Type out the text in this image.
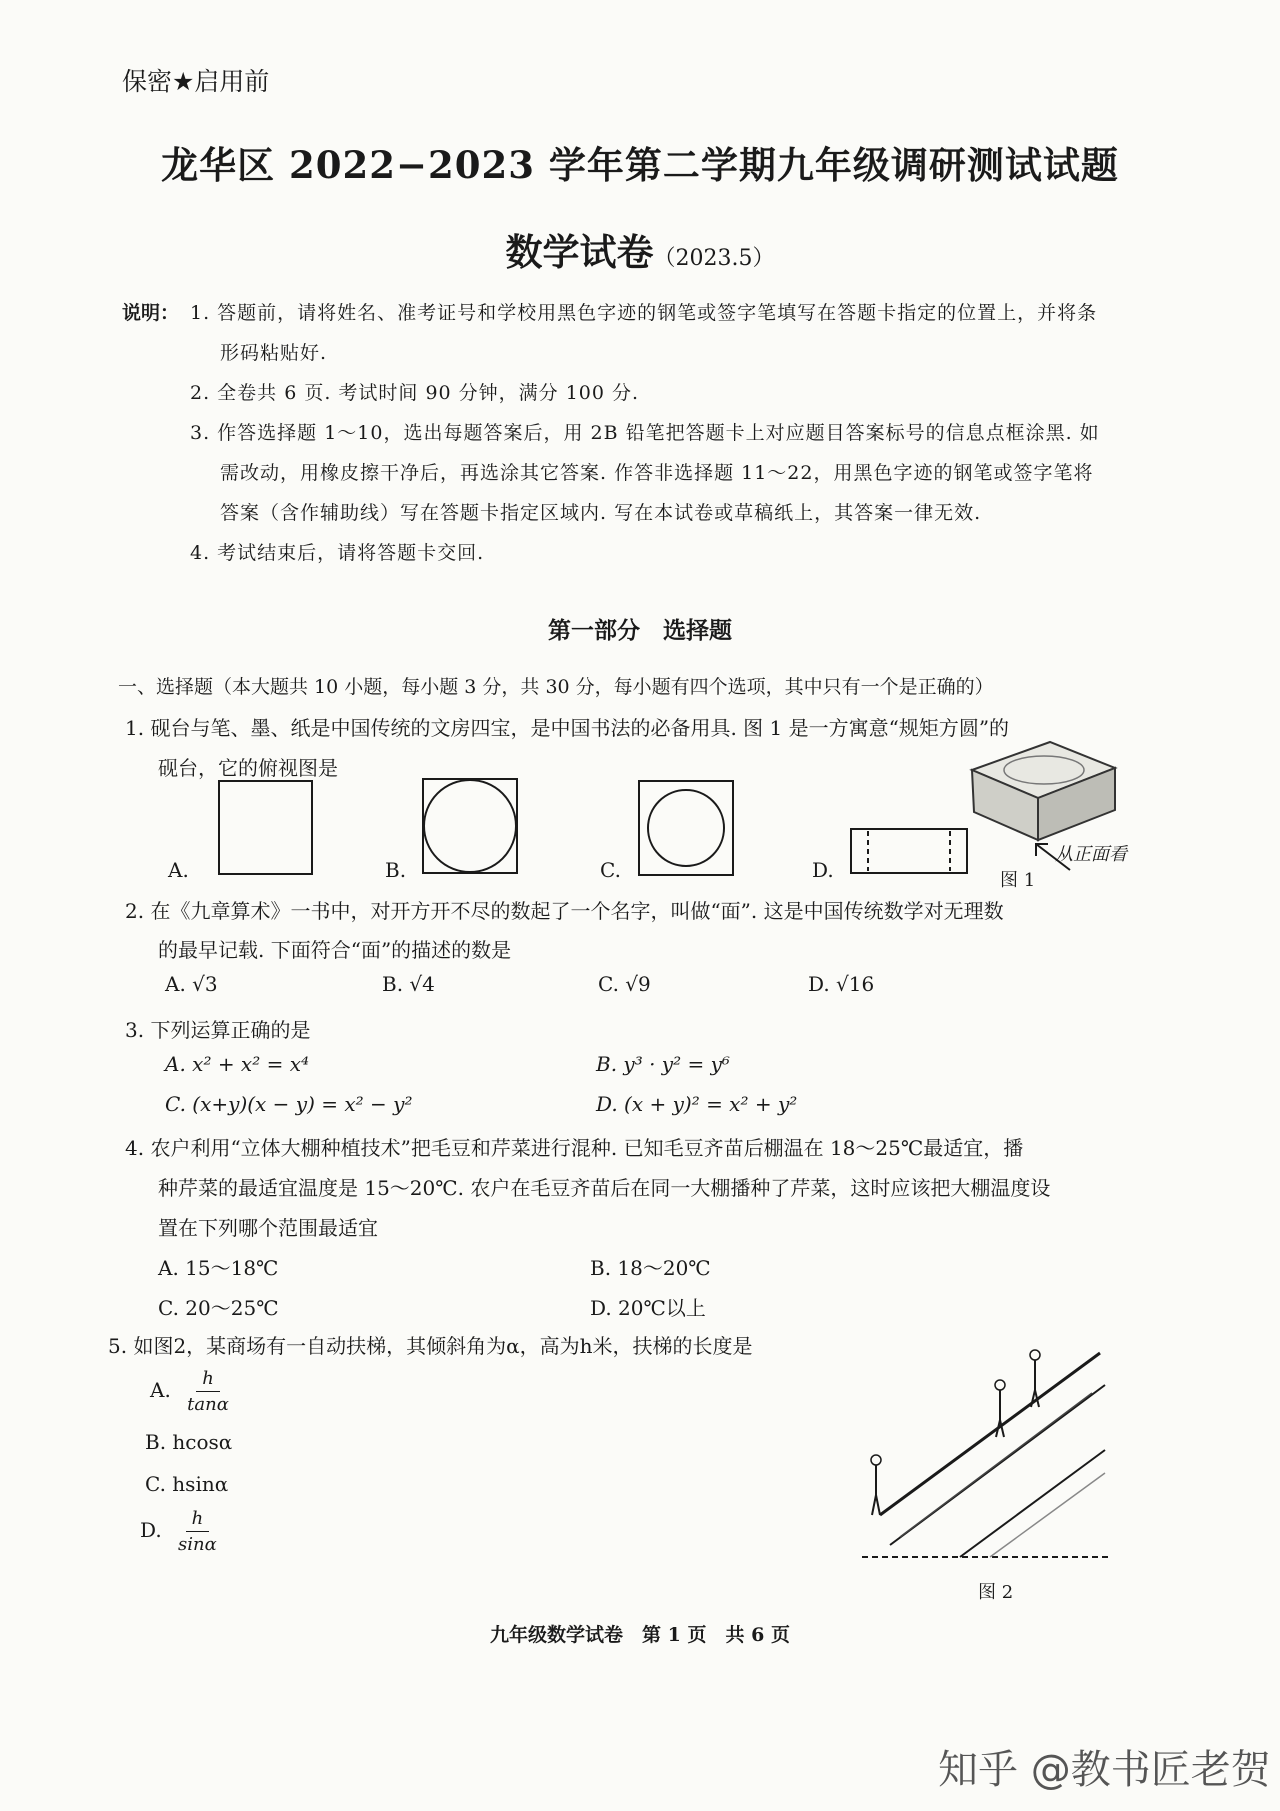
保密★启用前
龙华区 2022−2023 学年第二学期九年级调研测试试题
数学试卷（2023.5）
说明： 1. 答题前，请将姓名、准考证号和学校用黑色字迹的钢笔或签字笔填写在答题卡指定的位置上，并将条
形码粘贴好.
2. 全卷共 6 页. 考试时间 90 分钟，满分 100 分.
3. 作答选择题 1～10，选出每题答案后，用 2B 铅笔把答题卡上对应题目答案标号的信息点框涂黑. 如
需改动，用橡皮擦干净后，再选涂其它答案. 作答非选择题 11～22，用黑色字迹的钢笔或签字笔将
答案（含作辅助线）写在答题卡指定区域内. 写在本试卷或草稿纸上，其答案一律无效.
4. 考试结束后，请将答题卡交回.
第一部分　选择题
一、选择题（本大题共 10 小题，每小题 3 分，共 30 分，每小题有四个选项，其中只有一个是正确的）
1. 砚台与笔、墨、纸是中国传统的文房四宝，是中国书法的必备用具. 图 1 是一方寓意“规矩方圆”的
砚台，它的俯视图是
A.	B.	C.	D.
从正面看
图 1
2. 在《九章算术》一书中，对开方开不尽的数起了一个名字，叫做“面”. 这是中国传统数学对无理数
的最早记载. 下面符合“面”的描述的数是
A. √3	B. √4	C. √9	D. √16
3. 下列运算正确的是
A. x² + x² = x⁴	B. y³ · y² = y⁶
C. (x+y)(x − y) = x² − y²	D. (x + y)² = x² + y²
4. 农户利用“立体大棚种植技术”把毛豆和芹菜进行混种. 已知毛豆齐苗后棚温在 18～25℃最适宜，播
种芹菜的最适宜温度是 15～20℃. 农户在毛豆齐苗后在同一大棚播种了芹菜，这时应该把大棚温度设
置在下列哪个范围最适宜
A. 15～18℃	B. 18～20℃
C. 20～25℃	D. 20℃以上
5. 如图2，某商场有一自动扶梯，其倾斜角为α，高为h米，扶梯的长度是
A. $\frac{h}{\tan\alpha}$
B. hcosα
C. hsinα
D. $\frac{h}{\sin\alpha}$
图 2
九年级数学试卷　第 1 页　共 6 页
知乎 @教书匠老贺
